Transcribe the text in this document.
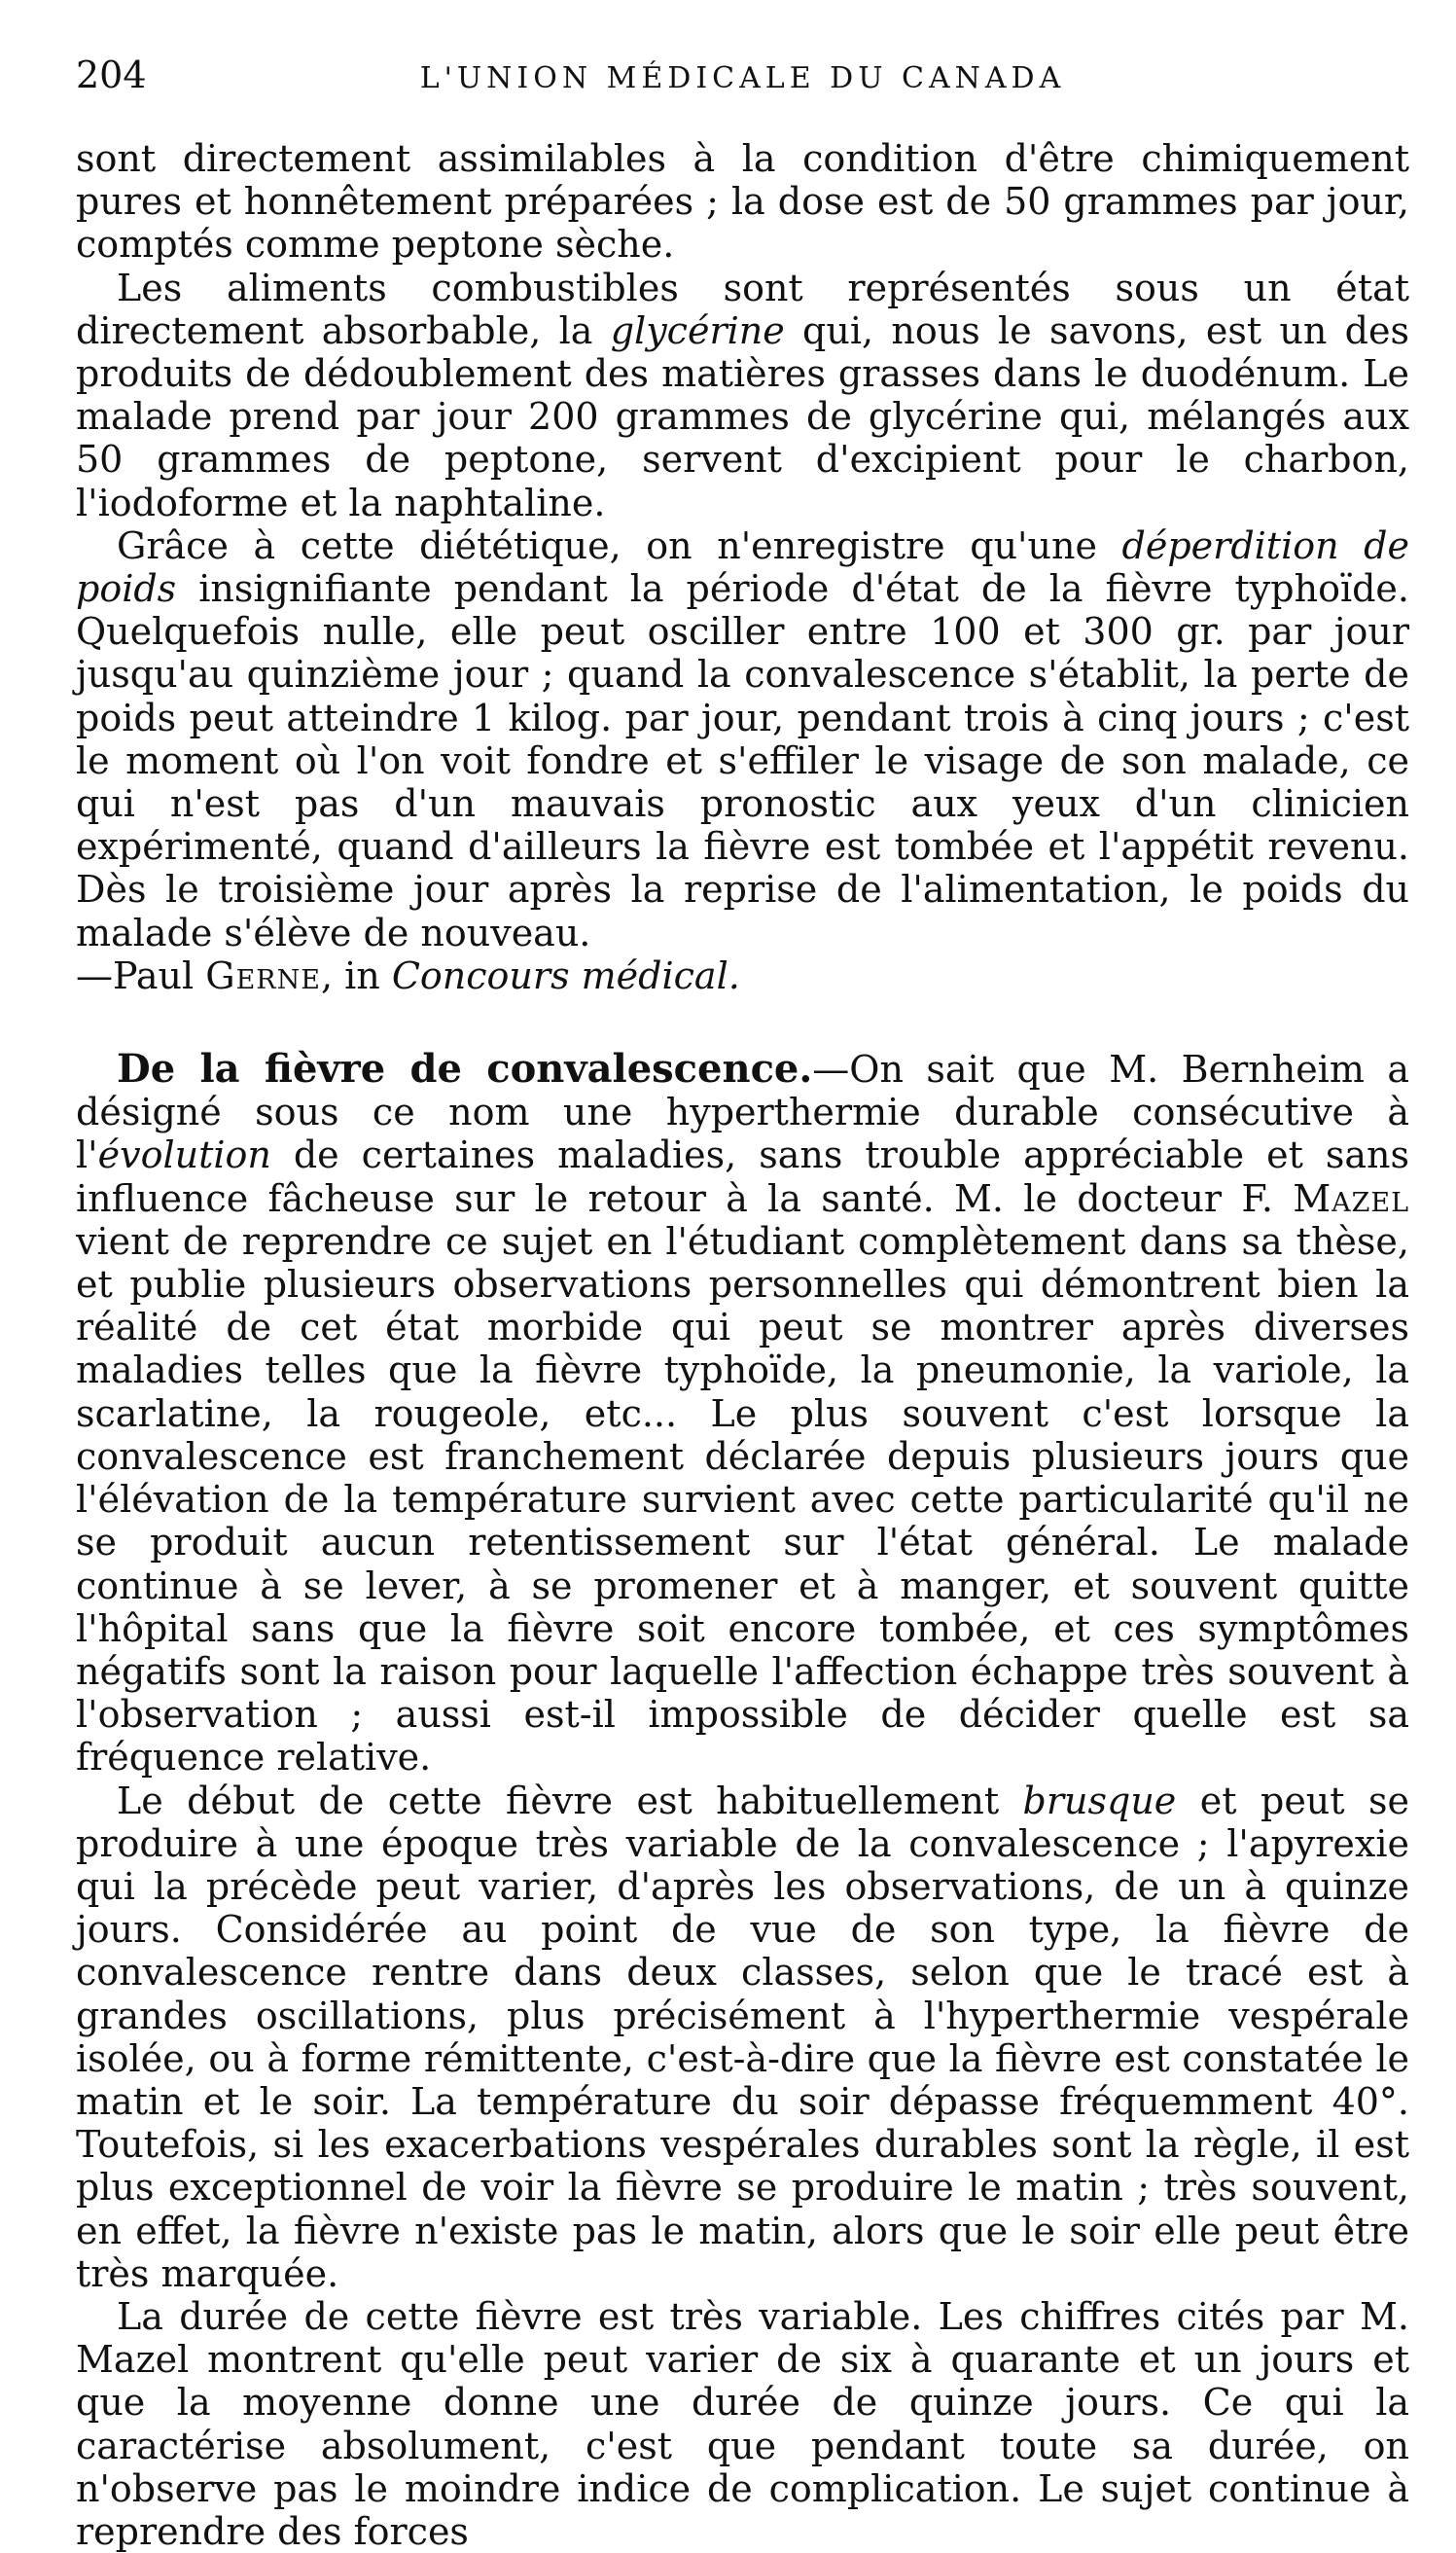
204	L'UNION MÉDICALE DU CANADA

sont directement assimilables à la condition d'être chimiquement pures et honnêtement préparées ; la dose est de 50 grammes par jour, comptés comme peptone sèche.

Les aliments combustibles sont représentés sous un état directement absorbable, la glycérine qui, nous le savons, est un des produits de dédoublement des matières grasses dans le duodénum. Le malade prend par jour 200 grammes de glycérine qui, mélangés aux 50 grammes de peptone, servent d'excipient pour le charbon, l'iodoforme et la naphtaline.

Grâce à cette diététique, on n'enregistre qu'une déperdition de poids insignifiante pendant la période d'état de la fièvre typhoïde. Quelquefois nulle, elle peut osciller entre 100 et 300 gr. par jour jusqu'au quinzième jour ; quand la convalescence s'établit, la perte de poids peut atteindre 1 kilog. par jour, pendant trois à cinq jours ; c'est le moment où l'on voit fondre et s'effiler le visage de son malade, ce qui n'est pas d'un mauvais pronostic aux yeux d'un clinicien expérimenté, quand d'ailleurs la fièvre est tombée et l'appétit revenu. Dès le troisième jour après la reprise de l'alimentation, le poids du malade s'élève de nouveau.

—Paul Gerne, in Concours médical.

De la fièvre de convalescence.—On sait que M. Bernheim a désigné sous ce nom une hyperthermie durable consécutive à l'évolution de certaines maladies, sans trouble appréciable et sans influence fâcheuse sur le retour à la santé. M. le docteur F. Mazel vient de reprendre ce sujet en l'étudiant complètement dans sa thèse, et publie plusieurs observations personnelles qui démontrent bien la réalité de cet état morbide qui peut se montrer après diverses maladies telles que la fièvre typhoïde, la pneumonie, la variole, la scarlatine, la rougeole, etc... Le plus souvent c'est lorsque la convalescence est franchement déclarée depuis plusieurs jours que l'élévation de la température survient avec cette particularité qu'il ne se produit aucun retentissement sur l'état général. Le malade continue à se lever, à se promener et à manger, et souvent quitte l'hôpital sans que la fièvre soit encore tombée, et ces symptômes négatifs sont la raison pour laquelle l'affection échappe très souvent à l'observation ; aussi est-il impossible de décider quelle est sa fréquence relative.

Le début de cette fièvre est habituellement brusque et peut se produire à une époque très variable de la convalescence ; l'apyrexie qui la précède peut varier, d'après les observations, de un à quinze jours. Considérée au point de vue de son type, la fièvre de convalescence rentre dans deux classes, selon que le tracé est à grandes oscillations, plus précisément à l'hyperthermie vespérale isolée, ou à forme rémittente, c'est-à-dire que la fièvre est constatée le matin et le soir. La température du soir dépasse fréquemment 40°. Toutefois, si les exacerbations vespérales durables sont la règle, il est plus exceptionnel de voir la fièvre se produire le matin ; très souvent, en effet, la fièvre n'existe pas le matin, alors que le soir elle peut être très marquée.

La durée de cette fièvre est très variable. Les chiffres cités par M. Mazel montrent qu'elle peut varier de six à quarante et un jours et que la moyenne donne une durée de quinze jours. Ce qui la caractérise absolument, c'est que pendant toute sa durée, on n'observe pas le moindre indice de complication. Le sujet continue à reprendre des forces
